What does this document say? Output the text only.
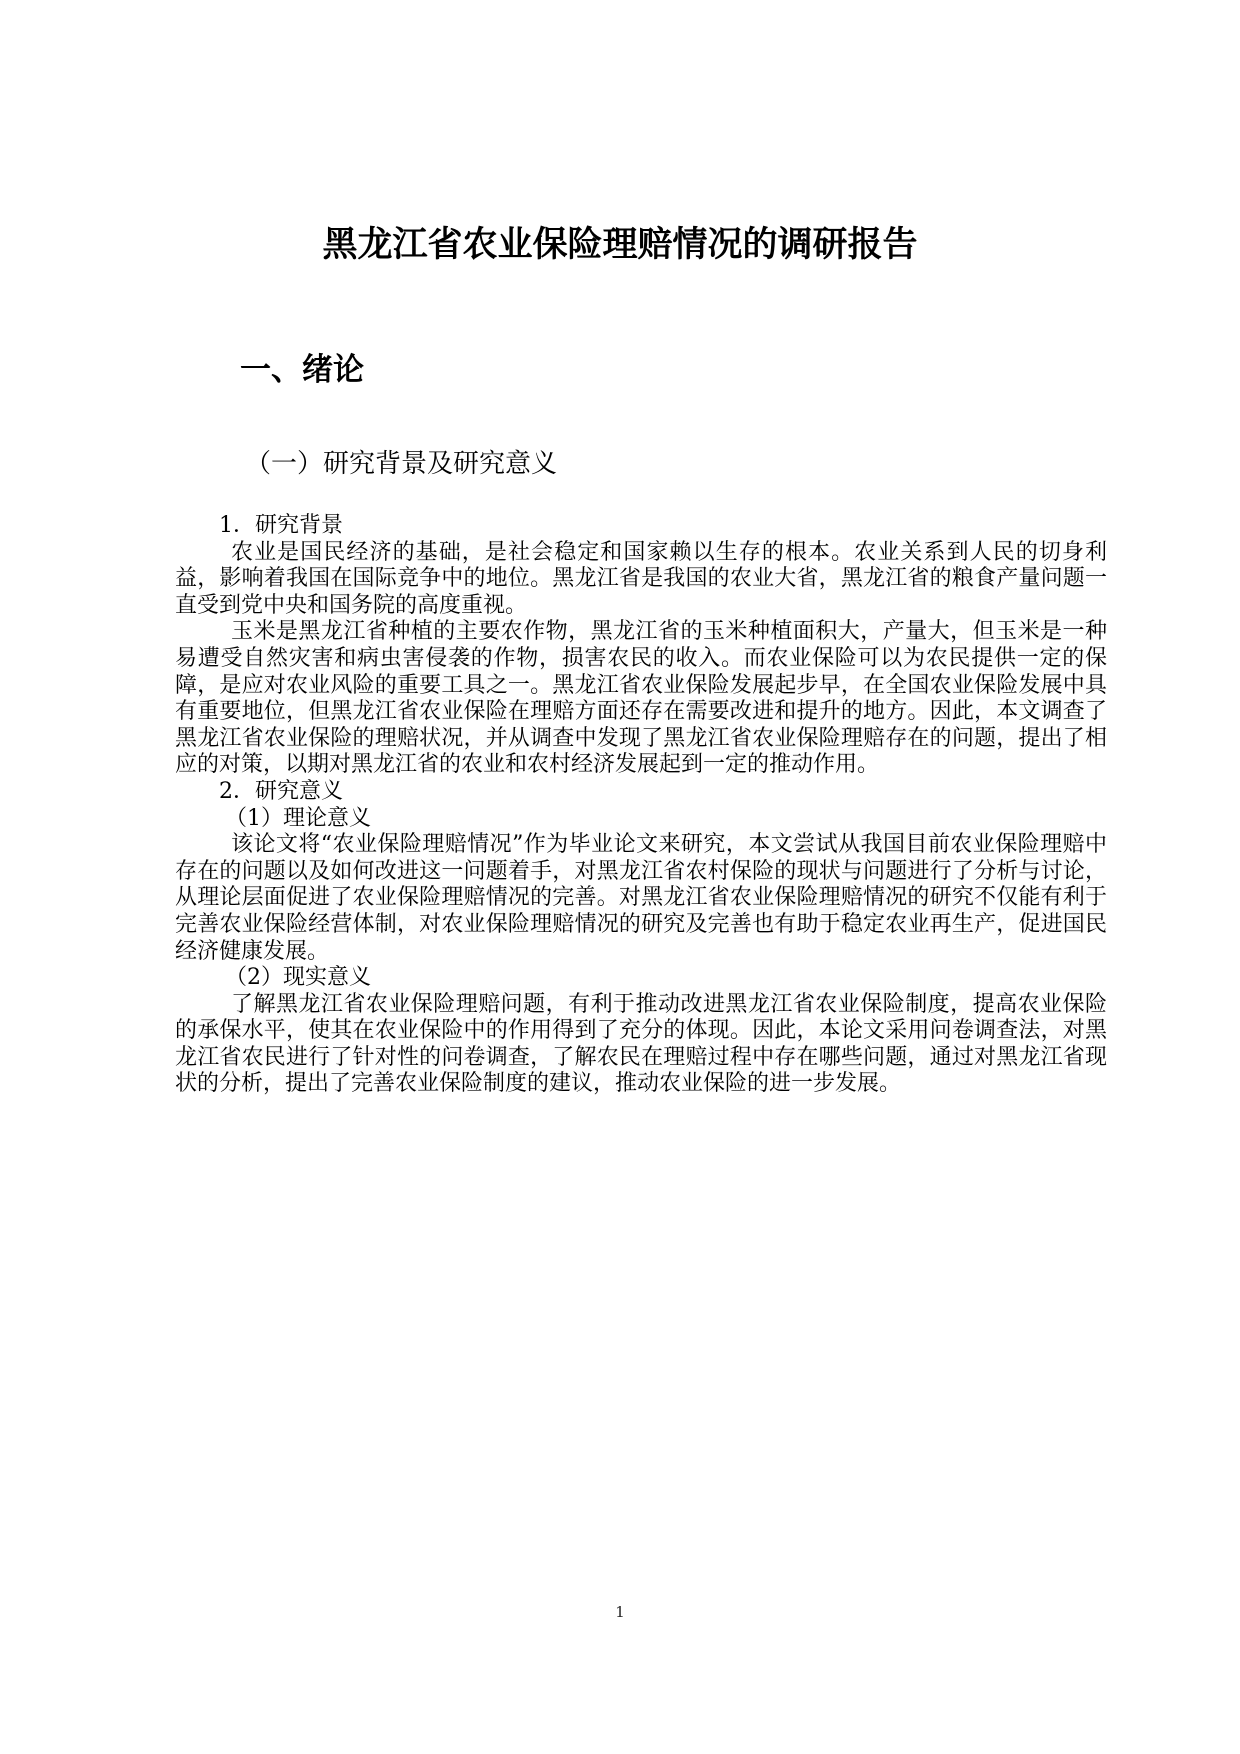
黑龙江省农业保险理赔情况的调研报告
一、绪论
（一）研究背景及研究意义

1．研究背景

农业是国民经济的基础，是社会稳定和国家赖以生存的根本。农业关系到人民的切身利益，影响着我国在国际竞争中的地位。黑龙江省是我国的农业大省，黑龙江省的粮食产量问题一直受到党中央和国务院的高度重视。

玉米是黑龙江省种植的主要农作物，黑龙江省的玉米种植面积大，产量大，但玉米是一种易遭受自然灾害和病虫害侵袭的作物，损害农民的收入。而农业保险可以为农民提供一定的保障，是应对农业风险的重要工具之一。黑龙江省农业保险发展起步早，在全国农业保险发展中具有重要地位，但黑龙江省农业保险在理赔方面还存在需要改进和提升的地方。因此，本文调查了黑龙江省农业保险的理赔状况，并从调查中发现了黑龙江省农业保险理赔存在的问题，提出了相应的对策，以期对黑龙江省的农业和农村经济发展起到一定的推动作用。

2．研究意义

（1）理论意义

该论文将“农业保险理赔情况”作为毕业论文来研究，本文尝试从我国目前农业保险理赔中存在的问题以及如何改进这一问题着手，对黑龙江省农村保险的现状与问题进行了分析与讨论，从理论层面促进了农业保险理赔情况的完善。对黑龙江省农业保险理赔情况的研究不仅能有利于完善农业保险经营体制，对农业保险理赔情况的研究及完善也有助于稳定农业再生产，促进国民经济健康发展。

（2）现实意义

了解黑龙江省农业保险理赔问题，有利于推动改进黑龙江省农业保险制度，提高农业保险的承保水平，使其在农业保险中的作用得到了充分的体现。因此，本论文采用问卷调查法，对黑龙江省农民进行了针对性的问卷调查，了解农民在理赔过程中存在哪些问题，通过对黑龙江省现状的分析，提出了完善农业保险制度的建议，推动农业保险的进一步发展。

1
